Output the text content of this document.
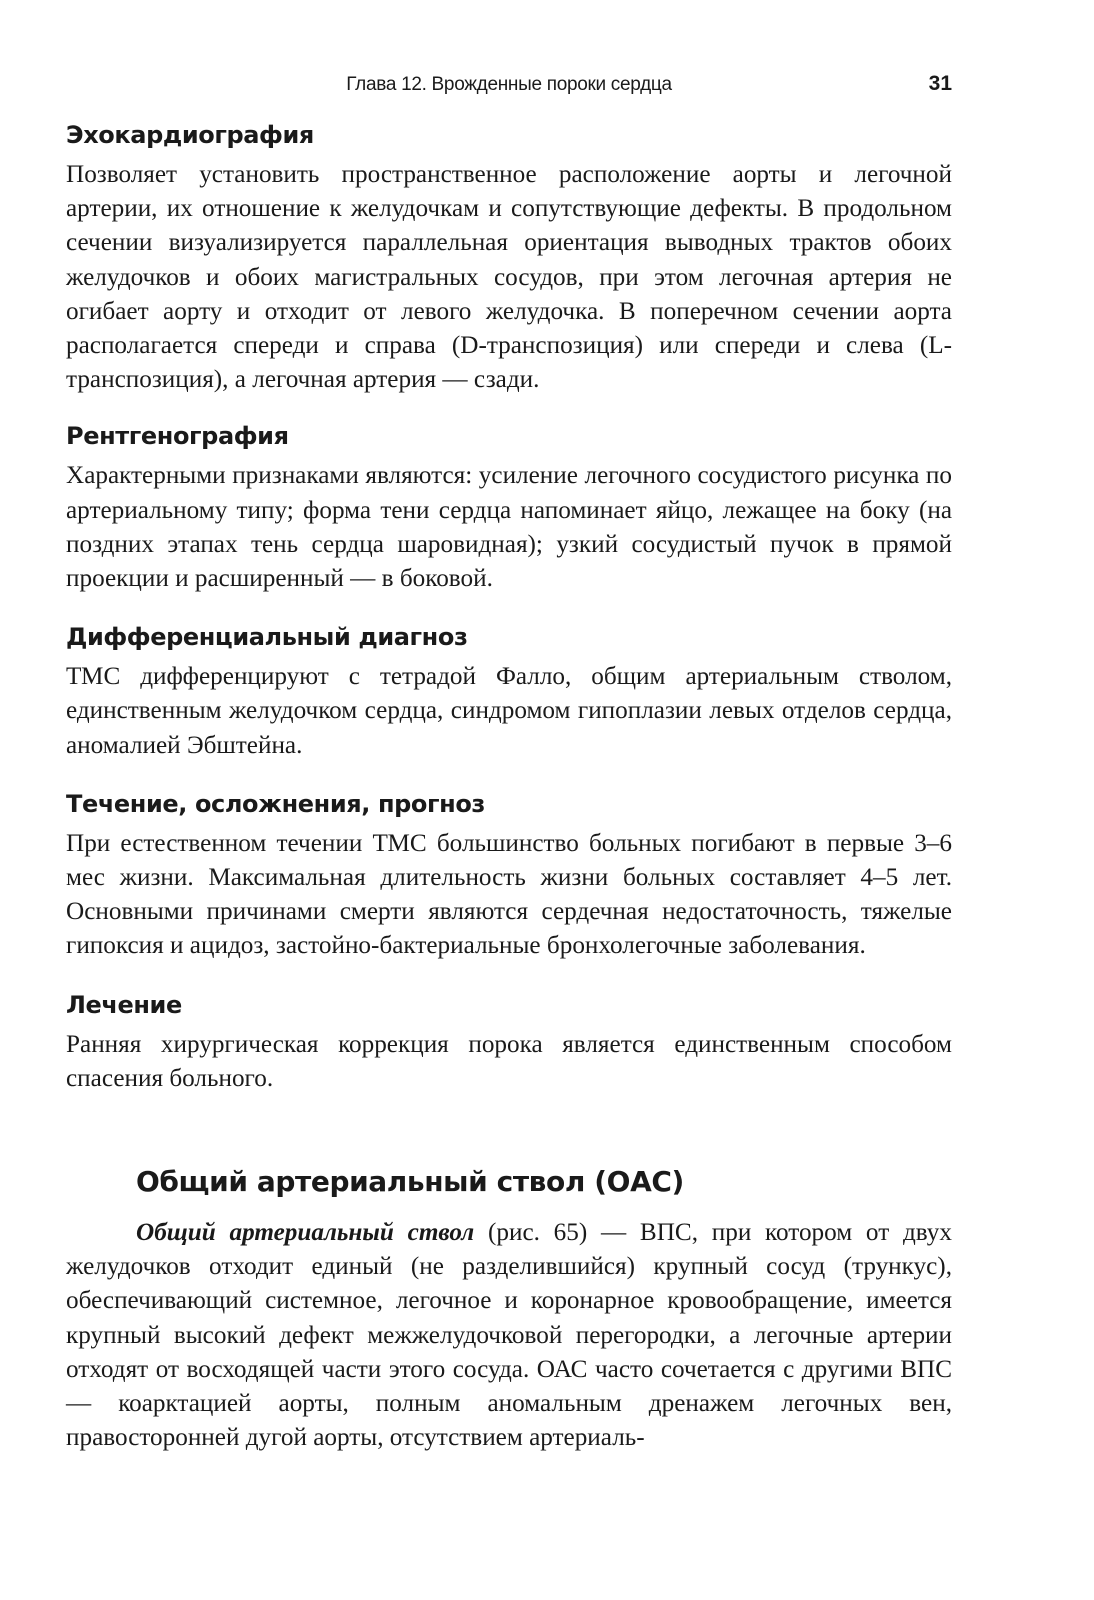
Глава 12. Врожденные пороки сердца	31
Эхокардиография

Позволяет установить пространственное расположение аорты и легочной артерии, их отношение к желудочкам и сопутствующие дефекты. В продольном сечении визуализируется параллельная ориентация выводных трактов обоих желудочков и обоих магистральных сосудов, при этом легочная артерия не огибает аорту и отходит от левого желудочка. В поперечном сечении аорта располагается спереди и справа (D-транспозиция) или спереди и слева (L-транспозиция), а легочная артерия — сзади.

Рентгенография

Характерными признаками являются: усиление легочного сосудистого рисунка по артериальному типу; форма тени сердца напоминает яйцо, лежащее на боку (на поздних этапах тень сердца шаровидная); узкий сосудистый пучок в прямой проекции и расширенный — в боковой.

Дифференциальный диагноз

ТМС дифференцируют с тетрадой Фалло, общим артериальным стволом, единственным желудочком сердца, синдромом гипоплазии левых отделов сердца, аномалией Эбштейна.

Течение, осложнения, прогноз

При естественном течении ТМС большинство больных погибают в первые 3–6 мес жизни. Максимальная длительность жизни больных составляет 4–5 лет. Основными причинами смерти являются сердечная недостаточность, тяжелые гипоксия и ацидоз, застойно-бактериальные бронхолегочные заболевания.

Лечение

Ранняя хирургическая коррекция порока является единственным способом спасения больного.

Общий артериальный ствол (ОАС)

Общий артериальный ствол (рис. 65) — ВПС, при котором от двух желудочков отходит единый (не разделившийся) крупный сосуд (трункус), обеспечивающий системное, легочное и коронарное кровообращение, имеется крупный высокий дефект межжелудочковой перегородки, а легочные артерии отходят от восходящей части этого сосуда. ОАС часто сочетается с другими ВПС — коарктацией аорты, полным аномальным дренажем легочных вен, правосторонней дугой аорты, отсутствием артериаль-
